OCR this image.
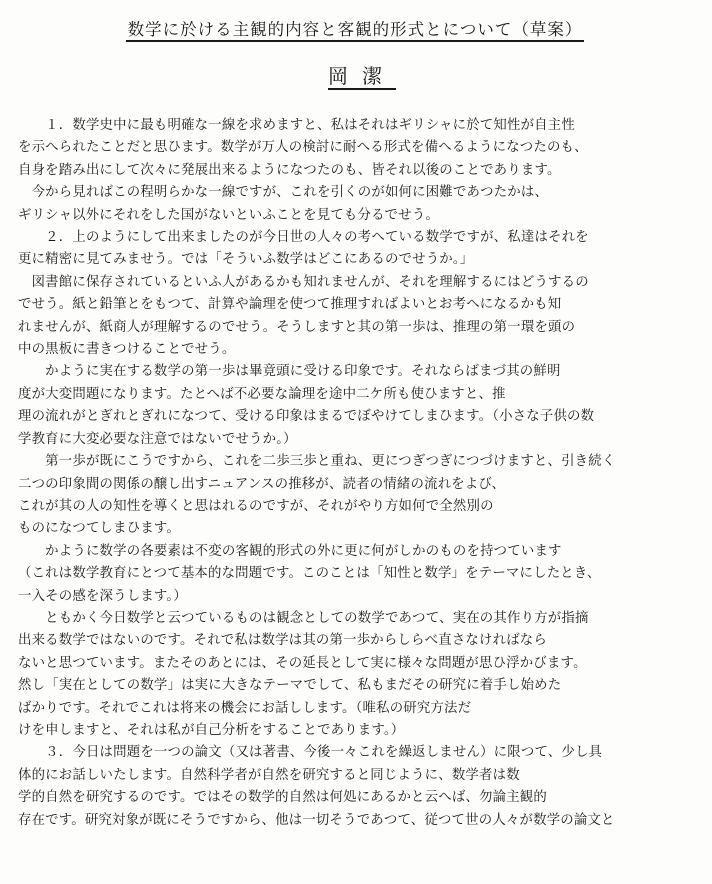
数学に於ける主観的内容と客観的形式とについて（草案）
岡潔

　　１．数学史中に最も明確な一線を求めますと、私はそれはギリシャに於て知性が自主性

を示へられたことだと思ひます。数学が万人の検討に耐へる形式を備へるようになつたのも、

自身を踏み出にして次々に発展出来るようになつたのも、皆それ以後のことであります。

　今から見ればこの程明らかな一線ですが、これを引くのが如何に困難であつたかは、

ギリシャ以外にそれをした国がないといふことを見ても分るでせう。

　　２．上のようにして出来ましたのが今日世の人々の考へている数学ですが、私達はそれを

更に精密に見てみませう。では「そういふ数学はどこにあるのでせうか。」

　図書館に保存されているといふ人があるかも知れませんが、それを理解するにはどうするの

でせう。紙と鉛筆とをもつて、計算や論理を使つて推理すればよいとお考へになるかも知

れませんが、紙商人が理解するのでせう。そうしますと其の第一歩は、推理の第一環を頭の

中の黒板に書きつけることでせう。

　　かように実在する数学の第一歩は畢竟頭に受ける印象です。それならばまづ其の鮮明

度が大変問題になります。たとへば不必要な論理を途中二ケ所も使ひますと、推

理の流れがとぎれとぎれになつて、受ける印象はまるでぼやけてしまひます。（小さな子供の数

学教育に大変必要な注意ではないでせうか。）

　　第一歩が既にこうですから、これを二歩三歩と重ね、更につぎつぎにつづけますと、引き続く

二つの印象間の関係の醸し出すニュアンスの推移が、読者の情緒の流れをよび、

これが其の人の知性を導くと思はれるのですが、それがやり方如何で全然別の

ものになつてしまひます。

　　かように数学の各要素は不変の客観的形式の外に更に何がしかのものを持つています

（これは数学教育にとつて基本的な問題です。このことは「知性と数学」をテーマにしたとき、

一入その感を深うします。）

　　ともかく今日数学と云つているものは観念としての数学であつて、実在の其作り方が指摘

出来る数学ではないのです。それで私は数学は其の第一歩からしらべ直さなければなら

ないと思つています。またそのあとには、その延長として実に様々な問題が思ひ浮かびます。

然し「実在としての数学」は実に大きなテーマでして、私もまだその研究に着手し始めた

ばかりです。それでこれは将来の機会にお話しします。（唯私の研究方法だ

けを申しますと、それは私が自己分析をすることであります。）

　　３．今日は問題を一つの論文（又は著書、今後一々これを繰返しません）に限つて、少し具

体的にお話しいたします。自然科学者が自然を研究すると同じように、数学者は数

学的自然を研究するのです。ではその数学的自然は何処にあるかと云へば、勿論主観的

存在です。研究対象が既にそうですから、他は一切そうであつて、従つて世の人々が数学の論文と
